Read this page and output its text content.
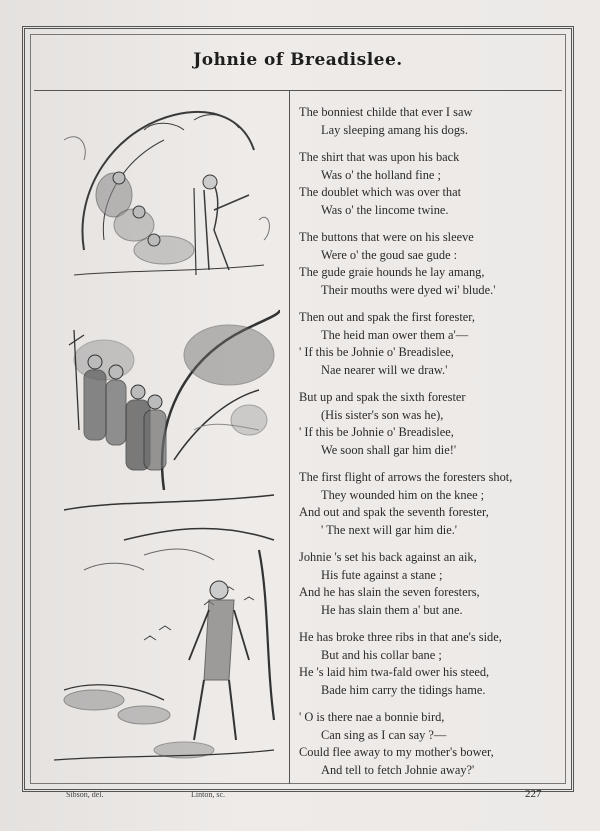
Johnie of Breadislee.
The bonniest childe that ever I saw
Lay sleeping amang his dogs.
The shirt that was upon his back
Was o' the holland fine ;
The doublet which was over that
Was o' the lincome twine.
The buttons that were on his sleeve
Were o' the goud sae gude :
The gude graie hounds he lay amang,
Their mouths were dyed wi' blude.'
Then out and spak the first forester,
The heid man ower them a'—
' If this be Johnie o' Breadislee,
Nae nearer will we draw.'
But up and spak the sixth forester
(His sister's son was he),
' If this be Johnie o' Breadislee,
We soon shall gar him die!'
The first flight of arrows the foresters shot,
They wounded him on the knee ;
And out and spak the seventh forester,
' The next will gar him die.'
Johnie 's set his back against an aik,
His fute against a stane ;
And he has slain the seven foresters,
He has slain them a' but ane.
He has broke three ribs in that ane's side,
But and his collar bane ;
He 's laid him twa-fald ower his steed,
Bade him carry the tidings hame.
' O is there nae a bonnie bird,
Can sing as I can say ?—
Could flee away to my mother's bower,
And tell to fetch Johnie away?'
Sibson, del.	Linton, sc.	227
